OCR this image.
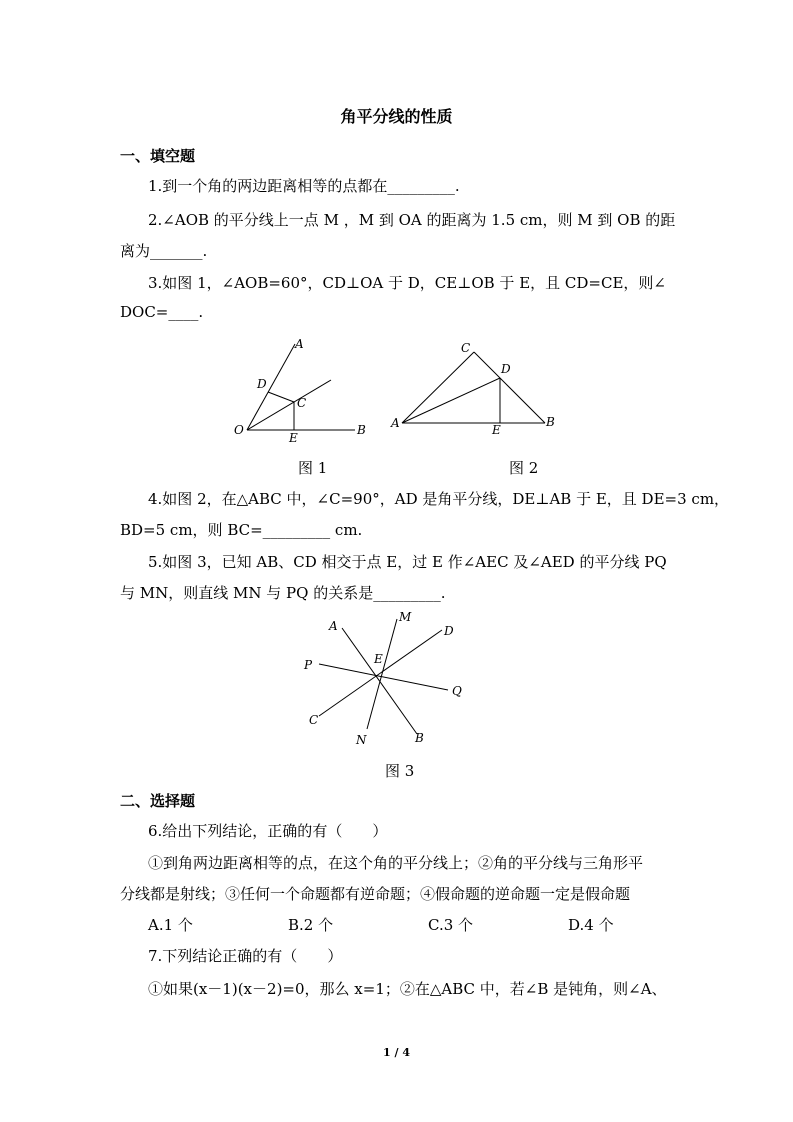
角平分线的性质
一、填空题
1.到一个角的两边距离相等的点都在_________.
2.∠AOB 的平分线上一点 M ，M 到 OA 的距离为 1.5 cm，则 M 到 OB 的距
离为_______.
3.如图 1，∠AOB=60°，CD⊥OA 于 D，CE⊥OB 于 E，且 CD=CE，则∠
DOC=____.
A
D
C
O
E
B
C
D
A	E
B
图 1	图 2
4.如图 2，在△ABC 中，∠C=90°，AD 是角平分线，DE⊥AB 于 E，且 DE=3 cm，
BD=5 cm，则 BC=_________ cm.
5.如图 3，已知 AB、CD 相交于点 E，过 E 作∠AEC 及∠AED 的平分线 PQ
与 MN，则直线 MN 与 PQ 的关系是_________.
A
M
D
E
P
Q
C
N	B
图 3
二、选择题
6.给出下列结论，正确的有（　　）
①到角两边距离相等的点，在这个角的平分线上；②角的平分线与三角形平
分线都是射线；③任何一个命题都有逆命题；④假命题的逆命题一定是假命题
A.1 个	B.2 个	C.3 个	D.4 个
7.下列结论正确的有（　　）
①如果(x－1)(x－2)=0，那么 x=1；②在△ABC 中，若∠B 是钝角，则∠A、
1 / 4
